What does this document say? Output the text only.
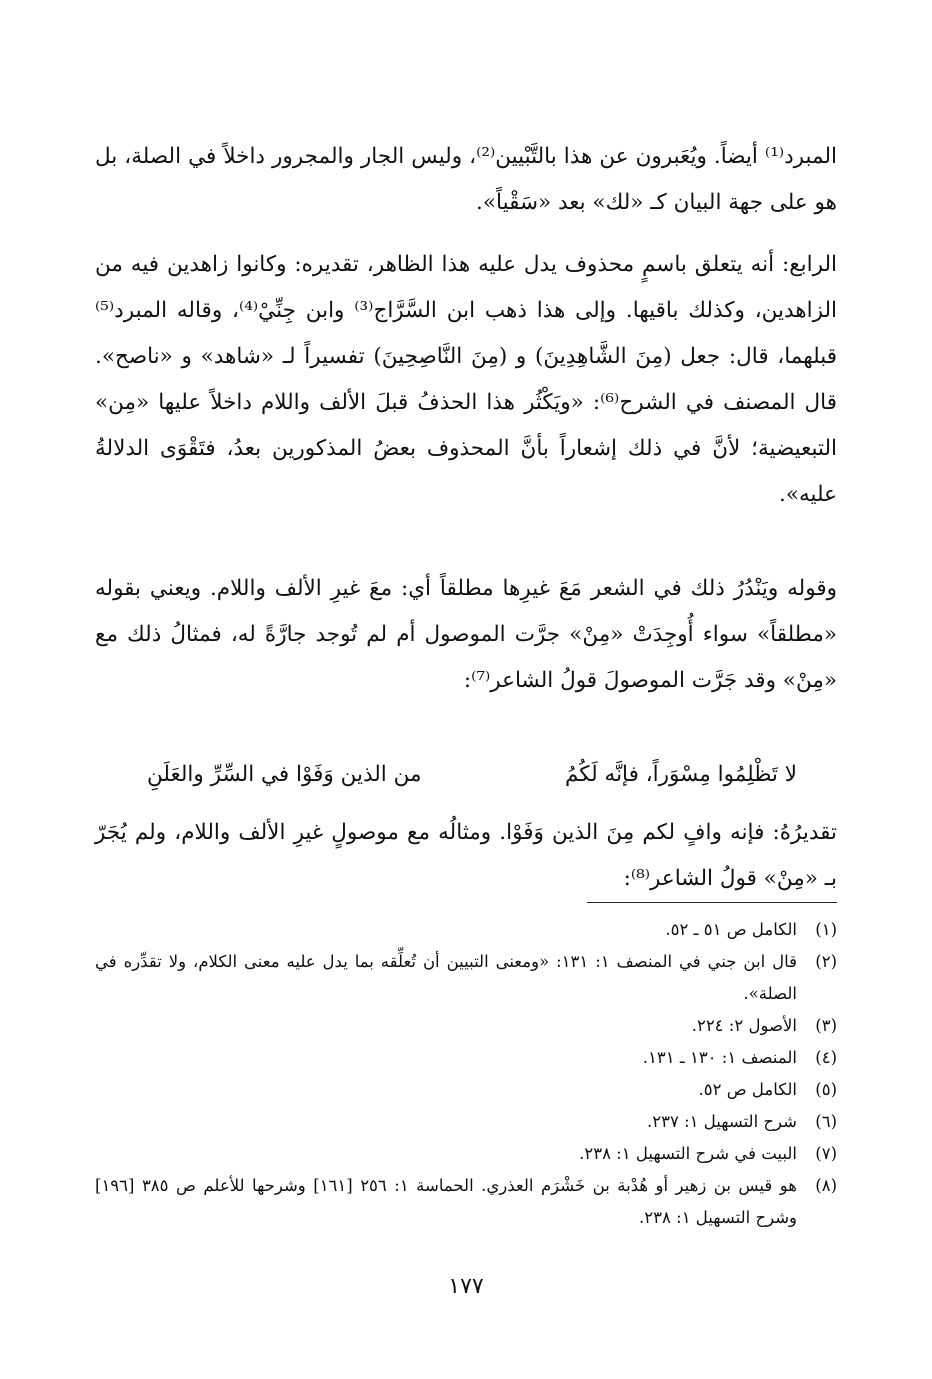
المبرد⁽¹⁾ أيضاً. ويُعَبرون عن هذا بالتَّبْيين⁽²⁾، وليس الجار والمجرور داخلاً في الصلة، بل هو على جهة البيان كـ «لك» بعد «سَقْياً».
الرابع: أنه يتعلق باسمٍ محذوف يدل عليه هذا الظاهر، تقديره: وكانوا زاهدين فيه من الزاهدين، وكذلك باقيها. وإلى هذا ذهب ابن السَّرَّاج⁽³⁾ وابن جِنِّيْ⁽⁴⁾، وقاله المبرد⁽⁵⁾ قبلهما، قال: جعل (مِنَ الشَّاهِدِينَ) و (مِنَ النَّاصِحِينَ) تفسيراً لـ «شاهد» و «ناصح». قال المصنف في الشرح⁽⁶⁾: «ويَكْثُر هذا الحذفُ قبلَ الألف واللام داخلاً عليها «مِن» التبعيضية؛ لأنَّ في ذلك إشعاراً بأنَّ المحذوف بعضُ المذكورين بعدُ، فتَقْوَى الدلالةُ عليه».
وقوله ويَنْدُرُ ذلك في الشعر مَعَ غيرِها مطلقاً أي: معَ غيرِ الألف واللام. ويعني بقوله «مطلقاً» سواء أُوجِدَتْ «مِنْ» جرَّت الموصول أم لم تُوجد جارَّةً له، فمثالُ ذلك مع «مِنْ» وقد جَرَّت الموصولَ قولُ الشاعر⁽⁷⁾:
لا تَظْلِمُوا مِسْوَراً، فإنَّه لَكُمُ
من الذين وَفَوْا في السِّرِّ والعَلَنِ
تقديرُهُ: فإنه وافٍ لكم مِنَ الذين وَفَوْا. ومثالُه مع موصولٍ غيرِ الألف واللام، ولم يُجَرّ بـ «مِنْ» قولُ الشاعر⁽⁸⁾:
(١)
الكامل ص ٥١ ـ ٥٢.
(٢)
قال ابن جني في المنصف ١: ١٣١: «ومعنى التبيين أن تُعلِّقه بما يدل عليه معنى الكلام، ولا تقدِّره في الصلة».
(٣)
الأصول ٢: ٢٢٤.
(٤)
المنصف ١: ١٣٠ ـ ١٣١.
(٥)
الكامل ص ٥٢.
(٦)
شرح التسهيل ١: ٢٣٧.
(٧)
البيت في شرح التسهيل ١: ٢٣٨.
(٨)
هو قيس بن زهير أو هُدْبة بن خَشْرَم العذري. الحماسة ١: ٢٥٦ [١٦١] وشرحها للأعلم ص ٣٨٥ [١٩٦] وشرح التسهيل ١: ٢٣٨.
١٧٧
